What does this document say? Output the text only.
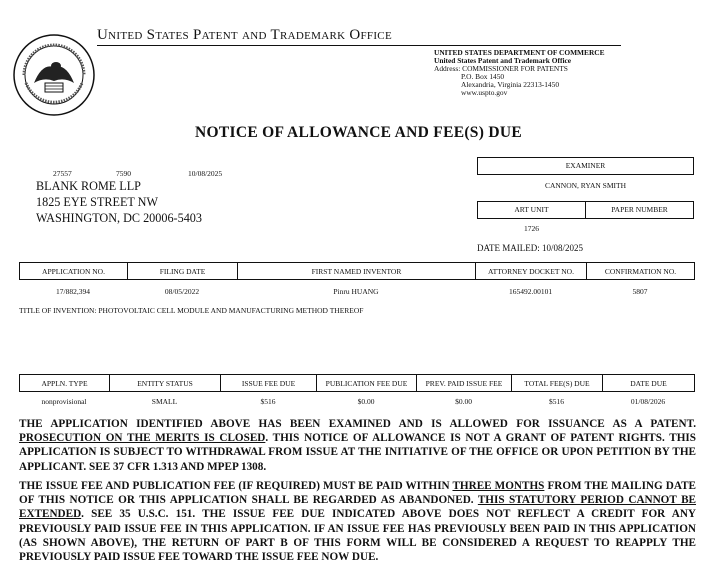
United States Patent and Trademark Office
UNITED STATES DEPARTMENT OF COMMERCE
United States Patent and Trademark Office
Address: COMMISSIONER FOR PATENTS
P.O. Box 1450
Alexandria, Virginia 22313-1450
www.uspto.gov
NOTICE OF ALLOWANCE AND FEE(S) DUE
27557	7590	10/08/2025
BLANK ROME LLP
1825 EYE STREET NW
WASHINGTON, DC 20006-5403
EXAMINER
CANNON, RYAN SMITH
ART UNIT	PAPER NUMBER
1726
DATE MAILED: 10/08/2025
APPLICATION NO.	FILING DATE	FIRST NAMED INVENTOR	ATTORNEY DOCKET NO.	CONFIRMATION NO.
17/882,394	08/05/2022	Pinru HUANG	165492.00101	5807
TITLE OF INVENTION: PHOTOVOLTAIC CELL MODULE AND MANUFACTURING METHOD THEREOF
APPLN. TYPE	ENTITY STATUS	ISSUE FEE DUE	PUBLICATION FEE DUE	PREV. PAID ISSUE FEE	TOTAL FEE(S) DUE	DATE DUE
nonprovisional	SMALL	$516	$0.00	$0.00	$516	01/08/2026

THE APPLICATION IDENTIFIED ABOVE HAS BEEN EXAMINED AND IS ALLOWED FOR ISSUANCE AS A PATENT. PROSECUTION ON THE MERITS IS CLOSED. THIS NOTICE OF ALLOWANCE IS NOT A GRANT OF PATENT RIGHTS. THIS APPLICATION IS SUBJECT TO WITHDRAWAL FROM ISSUE AT THE INITIATIVE OF THE OFFICE OR UPON PETITION BY THE APPLICANT. SEE 37 CFR 1.313 AND MPEP 1308.

THE ISSUE FEE AND PUBLICATION FEE (IF REQUIRED) MUST BE PAID WITHIN THREE MONTHS FROM THE MAILING DATE OF THIS NOTICE OR THIS APPLICATION SHALL BE REGARDED AS ABANDONED. THIS STATUTORY PERIOD CANNOT BE EXTENDED. SEE 35 U.S.C. 151. THE ISSUE FEE DUE INDICATED ABOVE DOES NOT REFLECT A CREDIT FOR ANY PREVIOUSLY PAID ISSUE FEE IN THIS APPLICATION. IF AN ISSUE FEE HAS PREVIOUSLY BEEN PAID IN THIS APPLICATION (AS SHOWN ABOVE), THE RETURN OF PART B OF THIS FORM WILL BE CONSIDERED A REQUEST TO REAPPLY THE PREVIOUSLY PAID ISSUE FEE TOWARD THE ISSUE FEE NOW DUE.
